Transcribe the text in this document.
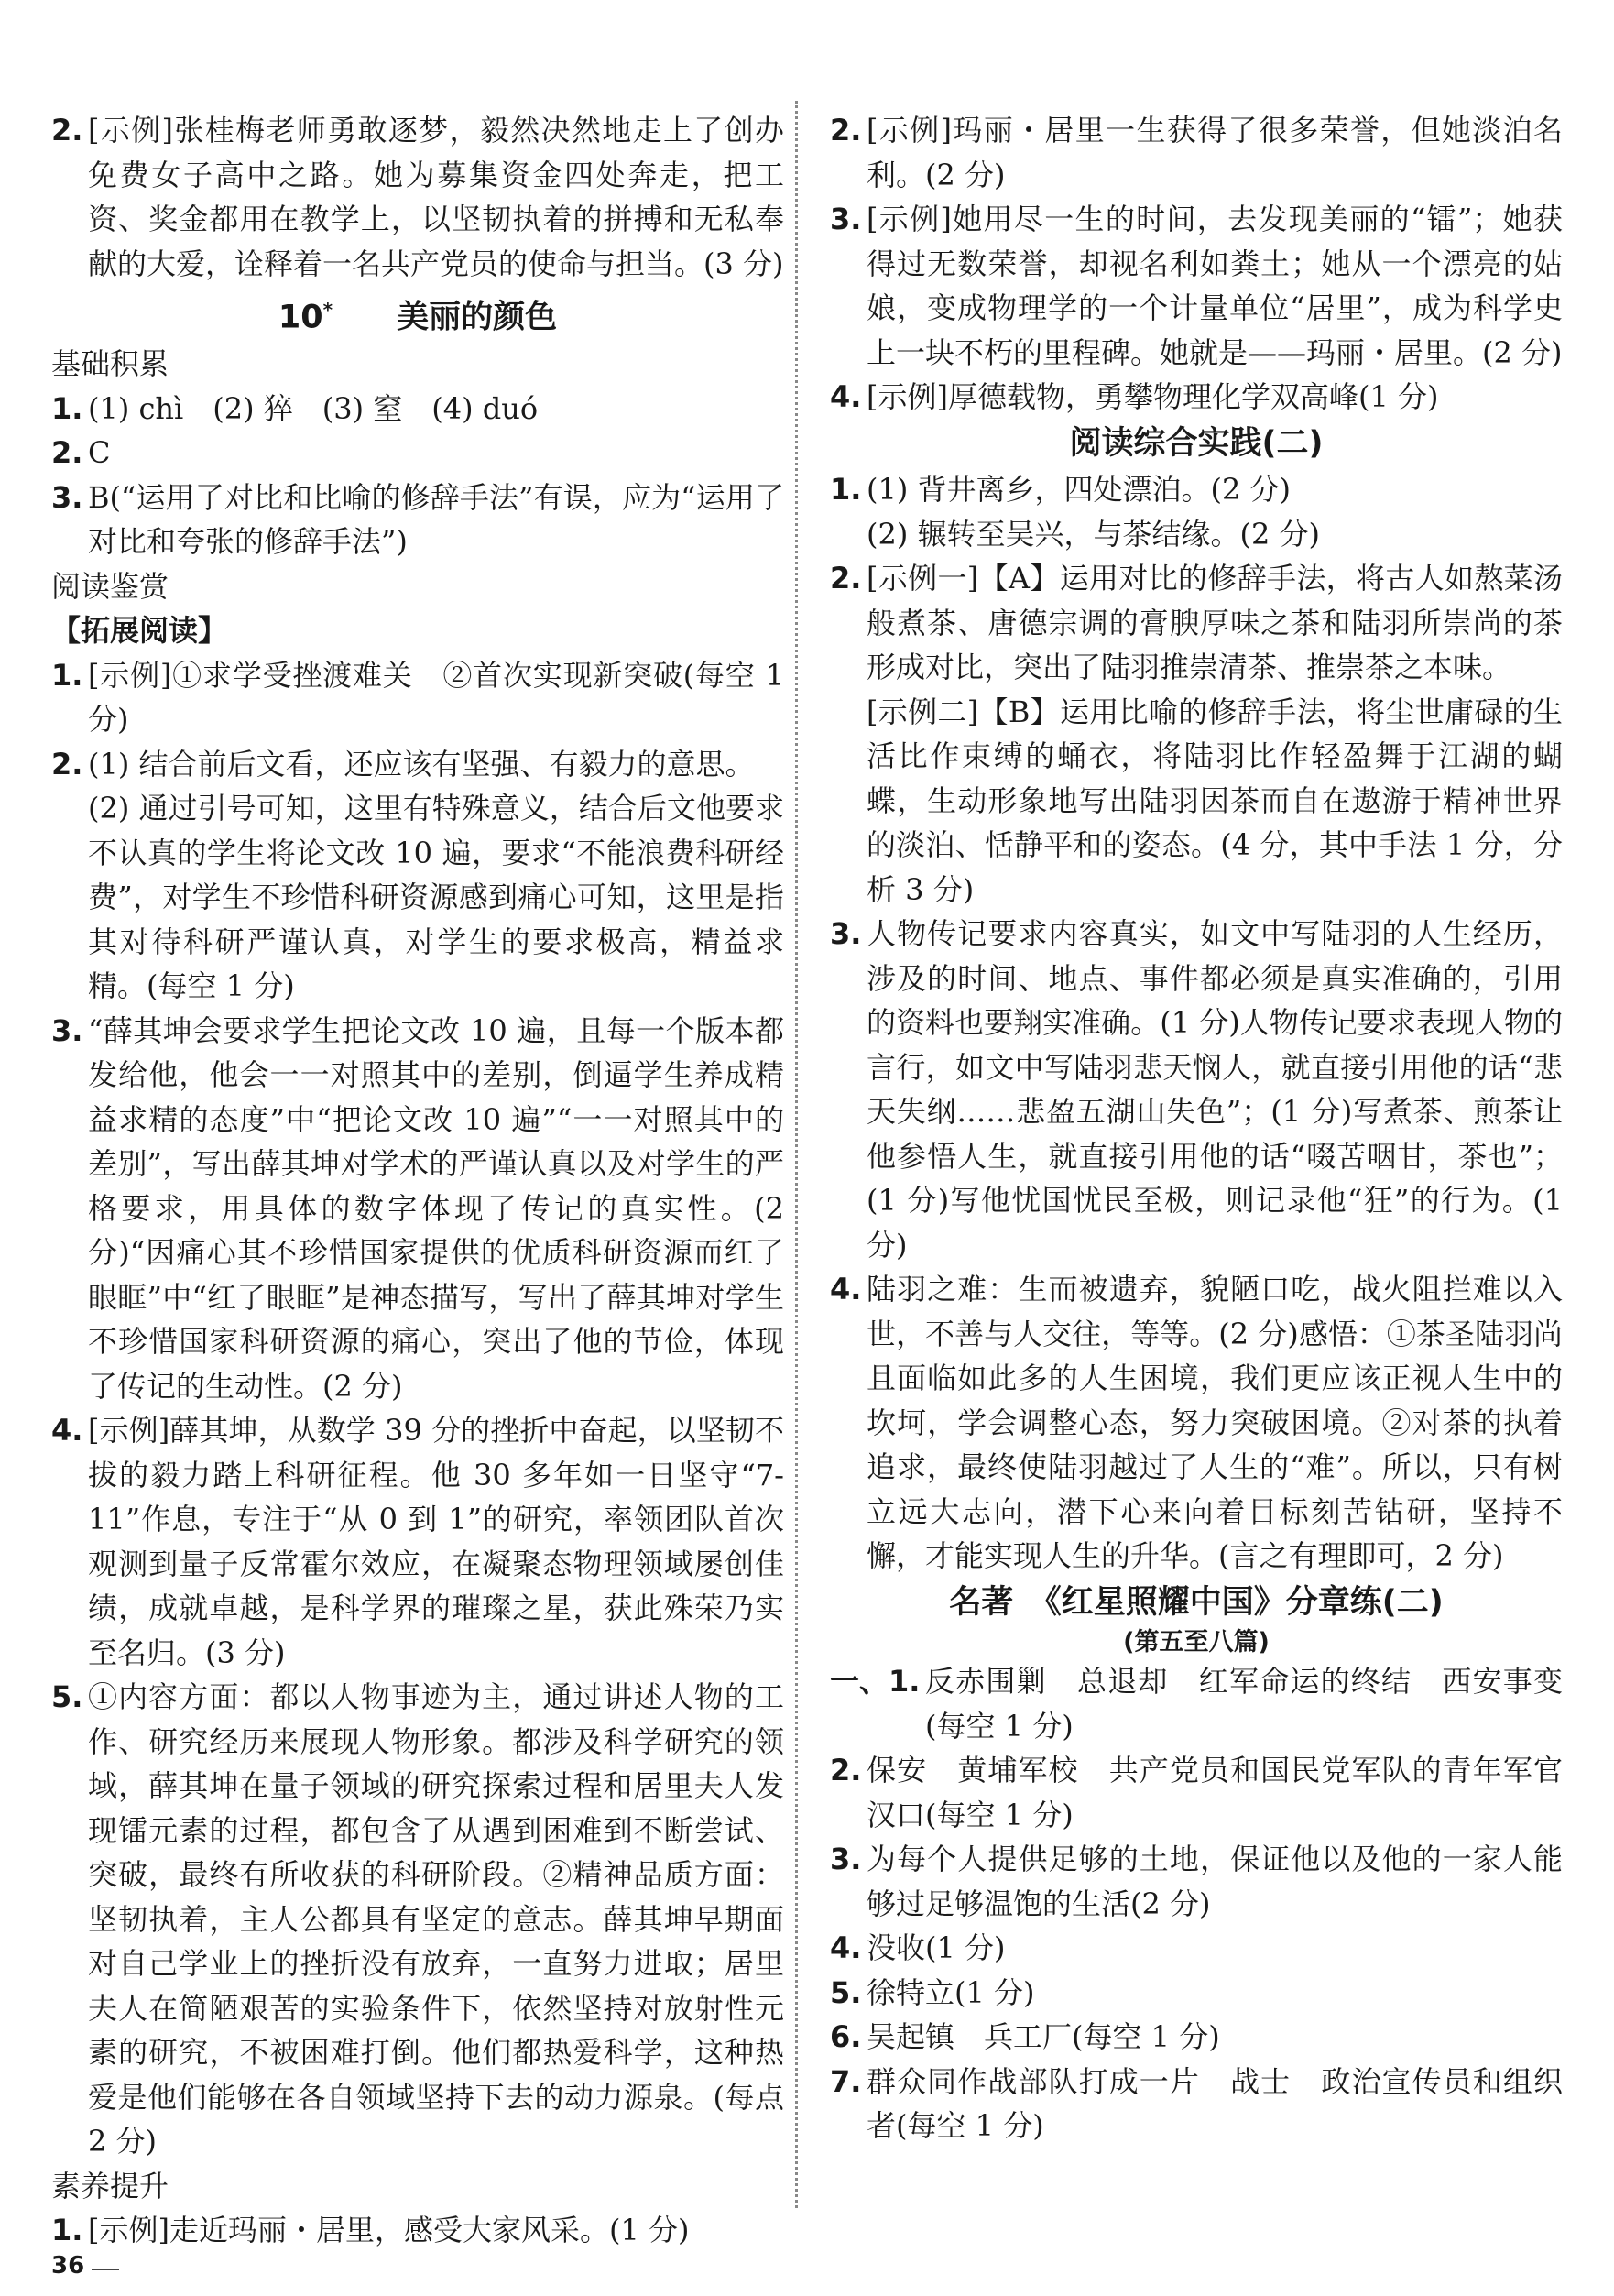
2. [示例]张桂梅老师勇敢逐梦，毅然决然地走上了创办免费女子高中之路。她为募集资金四处奔走，把工资、奖金都用在教学上，以坚韧执着的拼搏和无私奉献的大爱，诠释着一名共产党员的使命与担当。(3 分)
10*　　 美丽的颜色
基础积累
1. (1) chì　(2) 猝　(3) 窒　(4) duó
2. C
3. B(“运用了对比和比喻的修辞手法”有误，应为“运用了对比和夸张的修辞手法”)
阅读鉴赏
【拓展阅读】
1. [示例]①求学受挫渡难关　②首次实现新突破(每空 1 分)
2. (1) 结合前后文看，还应该有坚强、有毅力的意思。
(2) 通过引号可知，这里有特殊意义，结合后文他要求不认真的学生将论文改 10 遍，要求“不能浪费科研经费”，对学生不珍惜科研资源感到痛心可知，这里是指其对待科研严谨认真，对学生的要求极高，精益求精。(每空 1 分)
3. “薛其坤会要求学生把论文改 10 遍，且每一个版本都发给他，他会一一对照其中的差别，倒逼学生养成精益求精的态度”中“把论文改 10 遍”“一一对照其中的差别”，写出薛其坤对学术的严谨认真以及对学生的严格要求，用具体的数字体现了传记的真实性。(2 分)“因痛心其不珍惜国家提供的优质科研资源而红了眼眶”中“红了眼眶”是神态描写，写出了薛其坤对学生不珍惜国家科研资源的痛心，突出了他的节俭，体现了传记的生动性。(2 分)
4. [示例]薛其坤，从数学 39 分的挫折中奋起，以坚韧不拔的毅力踏上科研征程。他 30 多年如一日坚守“7-11”作息，专注于“从 0 到 1”的研究，率领团队首次观测到量子反常霍尔效应，在凝聚态物理领域屡创佳绩，成就卓越，是科学界的璀璨之星，获此殊荣乃实至名归。(3 分)
5. ①内容方面：都以人物事迹为主，通过讲述人物的工作、研究经历来展现人物形象。都涉及科学研究的领域，薛其坤在量子领域的研究探索过程和居里夫人发现镭元素的过程，都包含了从遇到困难到不断尝试、突破，最终有所收获的科研阶段。②精神品质方面：坚韧执着，主人公都具有坚定的意志。薛其坤早期面对自己学业上的挫折没有放弃，一直努力进取；居里夫人在简陋艰苦的实验条件下，依然坚持对放射性元素的研究，不被困难打倒。他们都热爱科学，这种热爱是他们能够在各自领域坚持下去的动力源泉。(每点 2 分)
素养提升
1. [示例]走近玛丽・居里，感受大家风采。(1 分)
2. [示例]玛丽・居里一生获得了很多荣誉，但她淡泊名利。(2 分)
3. [示例]她用尽一生的时间，去发现美丽的“镭”；她获得过无数荣誉，却视名利如粪土；她从一个漂亮的姑娘，变成物理学的一个计量单位“居里”，成为科学史上一块不朽的里程碑。她就是——玛丽・居里。(2 分)
4. [示例]厚德载物，勇攀物理化学双高峰(1 分)
阅读综合实践(二)
1. (1) 背井离乡，四处漂泊。(2 分)
(2) 辗转至吴兴，与茶结缘。(2 分)
2. [示例一]【A】运用对比的修辞手法，将古人如熬菜汤般煮茶、唐德宗调的膏腴厚味之茶和陆羽所崇尚的茶形成对比，突出了陆羽推崇清茶、推崇茶之本味。
[示例二]【B】运用比喻的修辞手法，将尘世庸碌的生活比作束缚的蛹衣，将陆羽比作轻盈舞于江湖的蝴蝶，生动形象地写出陆羽因茶而自在遨游于精神世界的淡泊、恬静平和的姿态。(4 分，其中手法 1 分，分析 3 分)
3. 人物传记要求内容真实，如文中写陆羽的人生经历，涉及的时间、地点、事件都必须是真实准确的，引用的资料也要翔实准确。(1 分)人物传记要求表现人物的言行，如文中写陆羽悲天悯人，就直接引用他的话“悲天失纲……悲盈五湖山失色”；(1 分)写煮茶、煎茶让他参悟人生，就直接引用他的话“啜苦咽甘，茶也”；(1 分)写他忧国忧民至极，则记录他“狂”的行为。(1 分)
4. 陆羽之难：生而被遗弃，貌陋口吃，战火阻拦难以入世，不善与人交往，等等。(2 分)感悟：①茶圣陆羽尚且面临如此多的人生困境，我们更应该正视人生中的坎坷，学会调整心态，努力突破困境。②对茶的执着追求，最终使陆羽越过了人生的“难”。所以，只有树立远大志向，潜下心来向着目标刻苦钻研，坚持不懈，才能实现人生的升华。(言之有理即可，2 分)
名著　《红星照耀中国》分章练(二)
(第五至八篇)
一、1. 反赤围剿　总退却　红军命运的终结　西安事变(每空 1 分)
2. 保安　黄埔军校　共产党员和国民党军队的青年军官　汉口(每空 1 分)
3. 为每个人提供足够的土地，保证他以及他的一家人能够过足够温饱的生活(2 分)
4. 没收(1 分)
5. 徐特立(1 分)
6. 吴起镇　兵工厂(每空 1 分)
7. 群众同作战部队打成一片　战士　政治宣传员和组织者(每空 1 分)
36
